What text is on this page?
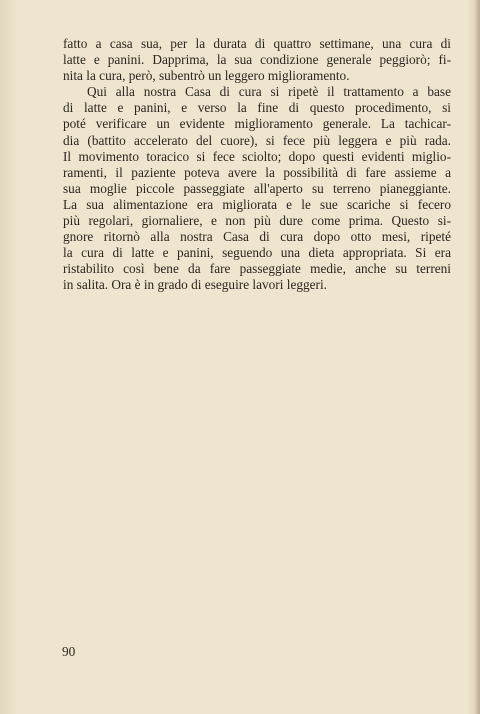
fatto a casa sua, per la durata di quattro settimane, una cura di
latte e panini. Dapprima, la sua condizione generale peggiorò; fi-
nita la cura, però, subentrò un leggero miglioramento.
Qui alla nostra Casa di cura si ripetè il trattamento a base
di latte e panini, e verso la fine di questo procedimento, si
poté verificare un evidente miglioramento generale. La tachicar-
dia (battito accelerato del cuore), si fece più leggera e più rada.
Il movimento toracico si fece sciolto; dopo questi evidenti miglio-
ramenti, il paziente poteva avere la possibilità di fare assieme a
sua moglie piccole passeggiate all'aperto su terreno pianeggiante.
La sua alimentazione era migliorata e le sue scariche si fecero
più regolari, giornaliere, e non più dure come prima. Questo si-
gnore ritornò alla nostra Casa di cura dopo otto mesi, ripeté
la cura di latte e panini, seguendo una dieta appropriata. Si era
ristabilito così bene da fare passeggiate medie, anche su terreni
in salita. Ora è in grado di eseguire lavori leggeri.
90
